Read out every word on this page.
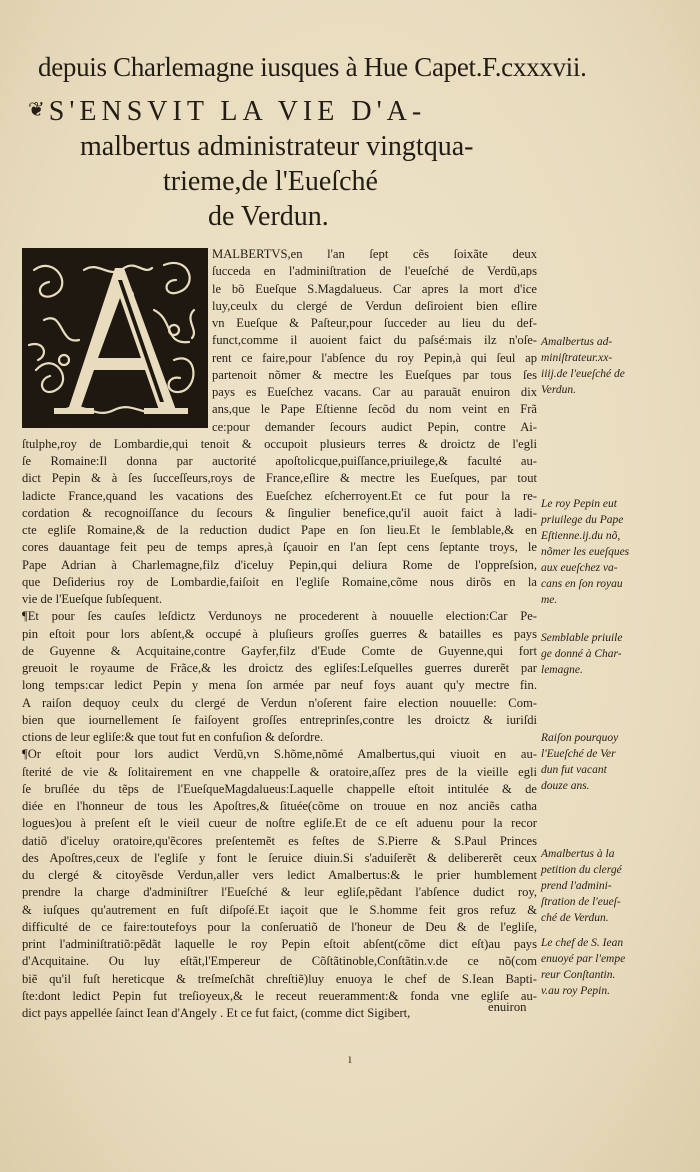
depuis Charlemagne iusques à Hue Capet.F.cxxxvii.
❦ S'ENSVIT LA VIE D'A-
malbertus administrateur vingtqua-
trieme,de l'Eueſché
de Verdun.
MALBERTVS,en l'an ſept cẽs ſoixãte deux
ſucceda en l'adminiſtration de l'eueſché de Verdũ,aps
le bõ Eueſque S.Magdalueus. Car apres la mort d'ice
luy,ceulx du clergé de Verdun deſiroient bien eſlire
vn Eueſque & Paſteur,pour ſucceder au lieu du def-
funct,comme il auoient faict du paſsé:mais ilz n'oſe-
rent ce faire,pour l'abſence du roy Pepin,à qui ſeul ap
partenoit nõmer & mectre les Eueſques par tous ſes
pays es Eueſchez vacans. Car au parauãt enuiron dix
ans,que le Pape Eſtienne ſecõd du nom veint en Frã
ce:pour demander ſecours audict Pepin, contre Ai-
ſtulphe,roy de Lombardie,qui tenoit & occupoit plusieurs terres & droictz de l'egli
ſe Romaine:Il donna par auctorité apoſtolicque,puiſſance,priuilege,& faculté au-
dict Pepin & à ſes ſucceſſeurs,roys de France,eſlire & mectre les Eueſques, par tout
ladicte France,quand les vacations des Eueſchez eſcherroyent.Et ce fut pour la re-
cordation & recognoiſſance du ſecours & ſingulier benefice,qu'il auoit faict à ladi-
cte egliſe Romaine,& de la reduction dudict Pape en ſon lieu.Et le ſemblable,& en
cores dauantage feit peu de temps apres,à ſçauoir en l'an ſept cens ſeptante troys, le
Pape Adrian à Charlemagne,filz d'iceluy Pepin,qui deliura Rome de l'oppreſsion,
que Deſiderius roy de Lombardie,faiſoit en l'egliſe Romaine,cõme nous dirõs en la
vie de l'Eueſque ſubſequent.
¶Et pour ſes cauſes leſdictz Verdunoys ne procederent à nouuelle election:Car Pe-
pin eſtoit pour lors abſent,& occupé à pluſieurs groſſes guerres & batailles es pays
de Guyenne & Acquitaine,contre Gayfer,filz d'Eude Comte de Guyenne,qui fort
greuoit le royaume de Frãce,& les droictz des egliſes:Leſquelles guerres durerẽt par
long temps:car ledict Pepin y mena ſon armée par neuf foys auant qu'y mectre fin.
A raiſon dequoy ceulx du clergé de Verdun n'oſerent faire election nouuelle: Com-
bien que iournellement ſe faiſoyent groſſes entreprinſes,contre les droictz & iuriſdi
ctions de leur egliſe:& que tout fut en confuſion & deſordre.
¶Or eſtoit pour lors audict Verdũ,vn S.hõme,nõmé Amalbertus,qui viuoit en au-
ſterité de vie & ſolitairement en vne chappelle & oratoire,aſſez pres de la vieille egli
ſe bruſlée du tẽps de l'EueſqueMagdalueus:Laquelle chappelle eſtoit intitulée & de
diée en l'honneur de tous les Apoſtres,& ſituée(cõme on trouue en noz anciẽs catha
logues)ou à preſent eſt le vieil cueur de noſtre egliſe.Et de ce eſt aduenu pour la recor
datiõ d'iceluy oratoire,qu'ẽcores preſentemẽt es feſtes de S.Pierre & S.Paul Princes
des Apoſtres,ceux de l'egliſe y font le ſeruice diuin.Si s'aduiſerẽt & delibererẽt ceux
du clergé & citoyẽsde Verdun,aller vers ledict Amalbertus:& le prier humblement
prendre la charge d'adminiſtrer l'Eueſché & leur egliſe,pẽdant l'abſence dudict roy,
& iuſques qu'autrement en fuſt diſpoſé.Et iaçoit que le S.homme feit gros refuz &
difficulté de ce faire:toutefoys pour la conſeruatiõ de l'honeur de Deu & de l'egliſe,
print l'adminiſtratiõ:pẽdãt laquelle le roy Pepin eſtoit abſent(cõme dict eſt)au pays
d'Acquitaine. Ou luy eſtãt,l'Empereur de Cõſtãtinoble,Conſtãtin.v.de ce nõ(com
biẽ qu'il fuſt hereticque & treſmeſchãt chreſtiẽ)luy enuoya le chef de S.Iean Bapti-
ſte:dont ledict Pepin fut treſioyeux,& le receut reueramment:& fonda vne egliſe au-
dict pays appellée ſainct Iean d'Angely . Et ce fut faict, (comme dict Sigibert,
Amalbertus ad-
miniſtrateur.xx-
iiij.de l'eueſché de
Verdun.
Le roy Pepin eut
priuilege du Pape
Eſtienne.ij.du nõ,
nõmer les eueſques
aux eueſchez va-
cans en ſon royau
me.
Semblable priuile
ge donné à Char-
lemagne.
Raiſon pourquoy
l'Eueſché de Ver
dun fut vacant
douze ans.
Amalbertus à la
petition du clergé
prend l'admini-
ſtration de l'eueſ-
ché de Verdun.
Le chef de S. Iean
enuoyé par l'empe
reur Conſtantin.
v.au roy Pepin.
enuiron
ı
